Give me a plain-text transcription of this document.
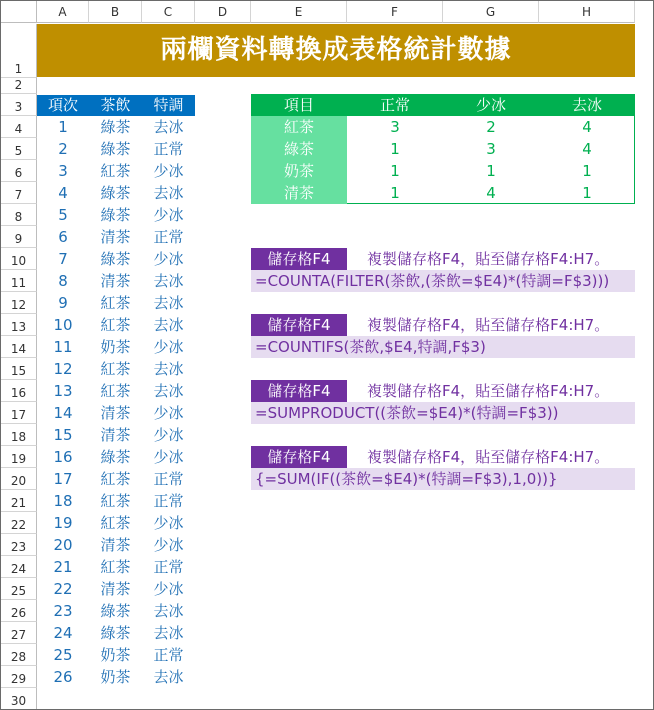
A	B	C	D	E	F	G	H
1
2
3
4
5
6
7
8
9
10
11
12
13
14
15
16
17
18
19
20
21
22
23
24
25
26
27
28
29
30
兩欄資料轉換成表格統計數據
項次	茶飲	特調
1	綠茶	去冰
2	綠茶	正常
3	紅茶	少冰
4	綠茶	去冰
5	綠茶	少冰
6	清茶	正常
7	綠茶	少冰
8	清茶	去冰
9	紅茶	去冰
10	紅茶	去冰
11	奶茶	少冰
12	紅茶	去冰
13	紅茶	去冰
14	清茶	少冰
15	清茶	少冰
16	綠茶	少冰
17	紅茶	正常
18	紅茶	正常
19	紅茶	少冰
20	清茶	少冰
21	紅茶	正常
22	清茶	少冰
23	綠茶	去冰
24	綠茶	去冰
25	奶茶	正常
26	奶茶	去冰
項目	正常	少冰	去冰
紅茶	3	2	4
綠茶	1	3	4
奶茶	1	1	1
清茶	1	4	1
儲存格F4	複製儲存格F4，貼至儲存格F4:H7。
=COUNTA(FILTER(茶飲,(茶飲=$E4)*(特調=F$3)))
儲存格F4	複製儲存格F4，貼至儲存格F4:H7。
=COUNTIFS(茶飲,$E4,特調,F$3)
儲存格F4	複製儲存格F4，貼至儲存格F4:H7。
=SUMPRODUCT((茶飲=$E4)*(特調=F$3))
儲存格F4	複製儲存格F4，貼至儲存格F4:H7。
{=SUM(IF((茶飲=$E4)*(特調=F$3),1,0))}
